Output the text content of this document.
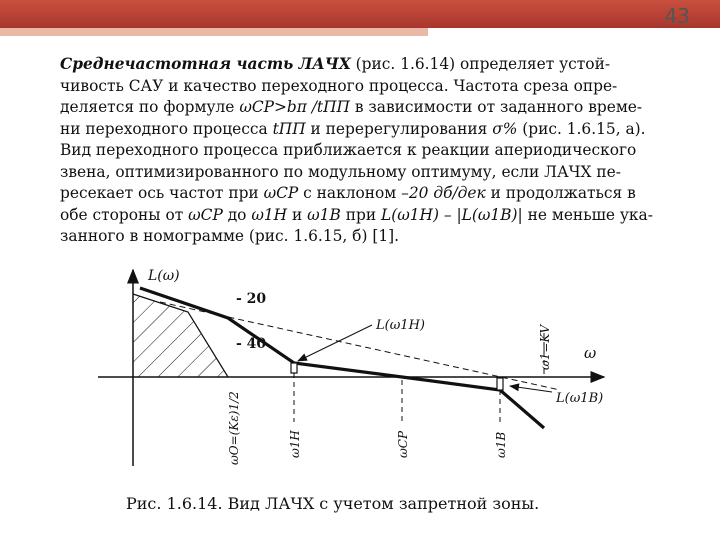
43
Среднечастотная часть ЛАЧХ (рис. 1.6.14) определяет устой-
чивость САУ и качество переходного процесса. Частота среза опре-
деляется по формуле ωCP>bπ /tПП в зависимости от заданного време-
ни переходного процесса tПП и перерегулирования σ% (рис. 1.6.15, а).
Вид переходного процесса приближается к реакции апериодического
звена, оптимизированного по модульному оптимуму, если ЛАЧХ пе-
ресекает ось частот при ωCP с наклоном –20 дб/дек и продолжаться в
обе стороны от ωCP до ω1H и ω1B при L(ω1H) – |L(ω1B)| не меньше ука-
занного в номограмме (рис. 1.6.15, б) [1].
L(ω)
- 20
- 40
L(ω1H)
L(ω1B)
ω
ω1=KV
ωO=(Kε)1/2	ω1H	ωCP	ω1B
Рис. 1.6.14. Вид ЛАЧХ с учетом запретной зоны.
